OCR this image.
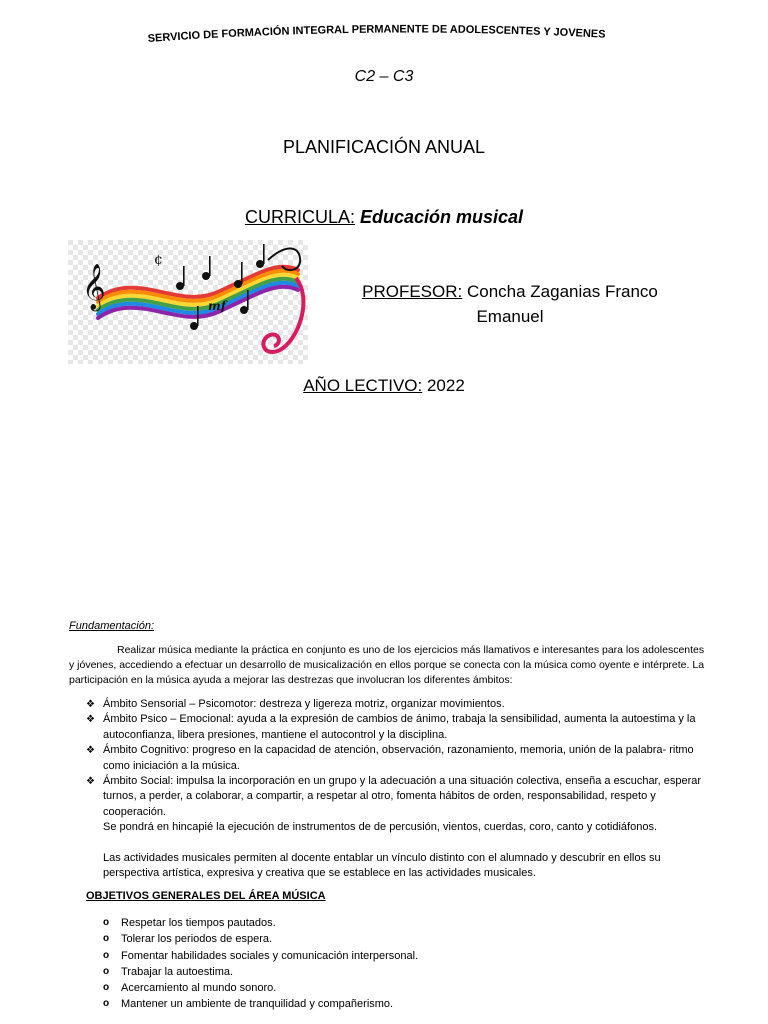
SERVICIO DE FORMACIÓN INTEGRAL PERMANENTE DE ADOLESCENTES Y JOVENES
C2 – C3
PLANIFICACIÓN ANUAL
CURRICULA: Educación musical
𝄞
¢
mf
PROFESOR: Concha Zaganias Franco
Emanuel
AÑO LECTIVO: 2022
Fundamentación:
Realizar música mediante la práctica en conjunto es uno de los ejercicios más llamativos e interesantes para los adolescentes y jóvenes, accediendo a efectuar un desarrollo de musicalización en ellos porque se conecta con la música como oyente e intérprete. La participación en la música ayuda a mejorar las destrezas que involucran los diferentes ámbitos:
❖ Ámbito Sensorial – Psicomotor: destreza y ligereza motriz, organizar movimientos.
❖ Ámbito Psico – Emocional: ayuda a la expresión de cambios de ánimo, trabaja la sensibilidad, aumenta la autoestima y la autoconfianza, libera presiones, mantiene el autocontrol y la disciplina.
❖ Ámbito Cognitivo: progreso en la capacidad de atención, observación, razonamiento, memoria, unión de la palabra- ritmo como iniciación a la música.
❖ Ámbito Social: impulsa la incorporación en un grupo y la adecuación a una situación colectiva, enseña a escuchar, esperar turnos, a perder, a colaborar, a compartir, a respetar al otro, fomenta hábitos de orden, responsabilidad, respeto y cooperación.
Se pondrá en hincapié la ejecución de instrumentos de de percusión, vientos, cuerdas, coro, canto y cotidiáfonos.
Las actividades musicales permiten al docente entablar un vínculo distinto con el alumnado y descubrir en ellos su perspectiva artística, expresiva y creativa que se establece en las actividades musicales.
OBJETIVOS GENERALES DEL ÁREA MÚSICA
o Respetar los tiempos pautados.
o Tolerar los periodos de espera.
o Fomentar habilidades sociales y comunicación interpersonal.
o Trabajar la autoestima.
o Acercamiento al mundo sonoro.
o Mantener un ambiente de tranquilidad y compañerismo.
